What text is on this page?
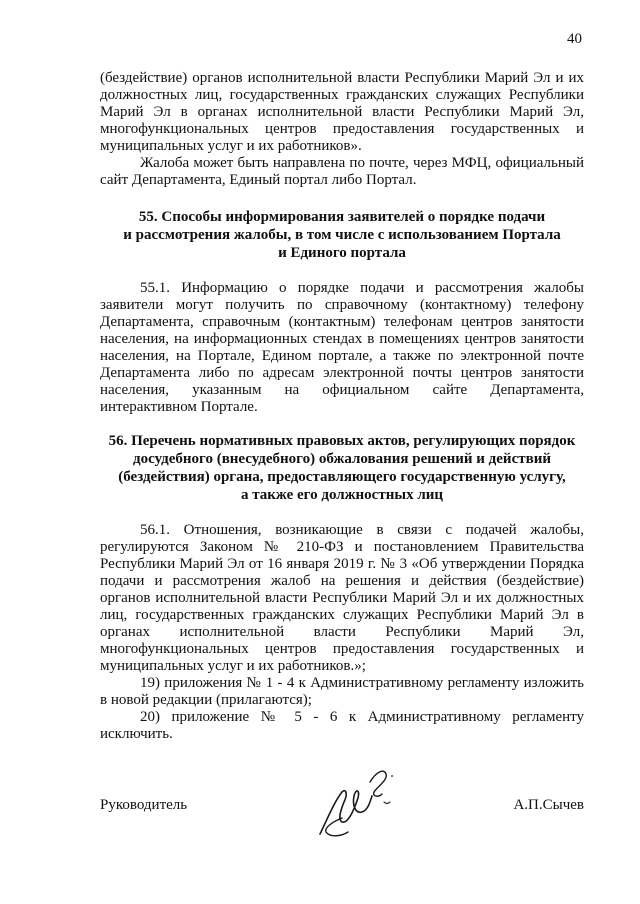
40

(бездействие) органов исполнительной власти Республики Марий Эл и их должностных лиц, государственных гражданских служащих Республики Марий Эл в органах исполнительной власти Республики Марий Эл, многофункциональных центров предоставления государственных и муниципальных услуг и их работников».

Жалоба может быть направлена по почте, через МФЦ, официальный сайт Департамента, Единый портал либо Портал.

55. Способы информирования заявителей о порядке подачи
и рассмотрения жалобы, в том числе с использованием Портала
и Единого портала

55.1. Информацию о порядке подачи и рассмотрения жалобы заявители могут получить по справочному (контактному) телефону Департамента, справочным (контактным) телефонам центров занятости населения, на информационных стендах в помещениях центров занятости населения, на Портале, Едином портале, а также по электронной почте Департамента либо по адресам электронной почты центров занятости населения, указанным на официальном сайте Департамента, интерактивном Портале.

56. Перечень нормативных правовых актов, регулирующих порядок
досудебного (внесудебного) обжалования решений и действий
(бездействия) органа, предоставляющего государственную услугу,
а также его должностных лиц

56.1. Отношения, возникающие в связи с подачей жалобы, регулируются Законом № 210-ФЗ и постановлением Правительства Республики Марий Эл от 16 января 2019 г. № 3 «Об утверждении Порядка подачи и рассмотрения жалоб на решения и действия (бездействие) органов исполнительной власти Республики Марий Эл и их должностных лиц, государственных гражданских служащих Республики Марий Эл в органах исполнительной власти Республики Марий Эл, многофункциональных центров предоставления государственных и муниципальных услуг и их работников.»;

19) приложения № 1 - 4 к Административному регламенту изложить в новой редакции (прилагаются);

20) приложение № 5 - 6 к Административному регламенту исключить.

Руководитель	А.П.Сычев
